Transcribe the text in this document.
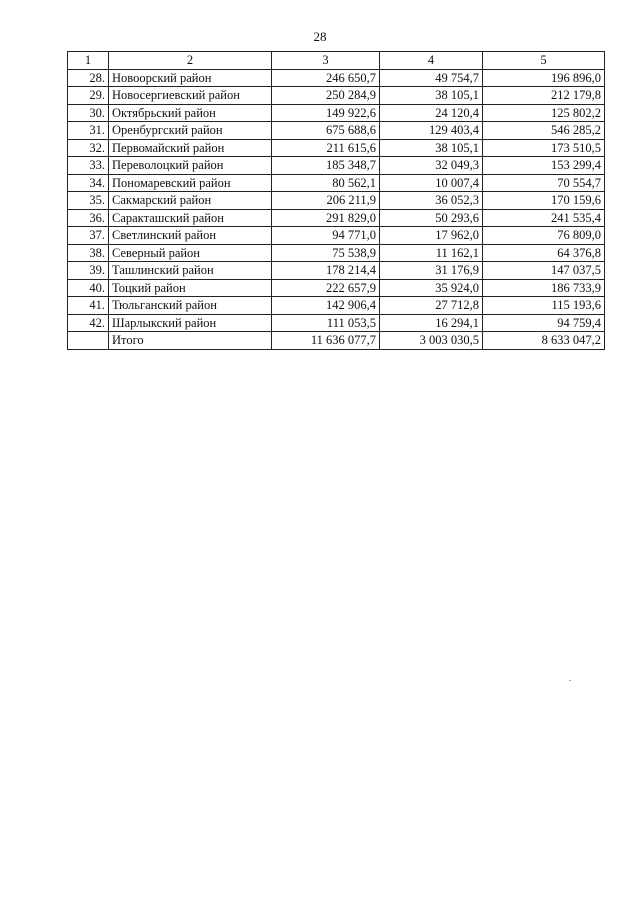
28
1	2	3	4	5
28.	Новоорский район	246 650,7	49 754,7	196 896,0
29.	Новосергиевский район	250 284,9	38 105,1	212 179,8
30.	Октябрьский район	149 922,6	24 120,4	125 802,2
31.	Оренбургский район	675 688,6	129 403,4	546 285,2
32.	Первомайский район	211 615,6	38 105,1	173 510,5
33.	Переволоцкий район	185 348,7	32 049,3	153 299,4
34.	Пономаревский район	80 562,1	10 007,4	70 554,7
35.	Сакмарский район	206 211,9	36 052,3	170 159,6
36.	Саракташский район	291 829,0	50 293,6	241 535,4
37.	Светлинский район	94 771,0	17 962,0	76 809,0
38.	Северный район	75 538,9	11 162,1	64 376,8
39.	Ташлинский район	178 214,4	31 176,9	147 037,5
40.	Тоцкий район	222 657,9	35 924,0	186 733,9
41.	Тюльганский район	142 906,4	27 712,8	115 193,6
42.	Шарлыкский район	111 053,5	16 294,1	94 759,4
	Итого	11 636 077,7	3 003 030,5	8 633 047,2
